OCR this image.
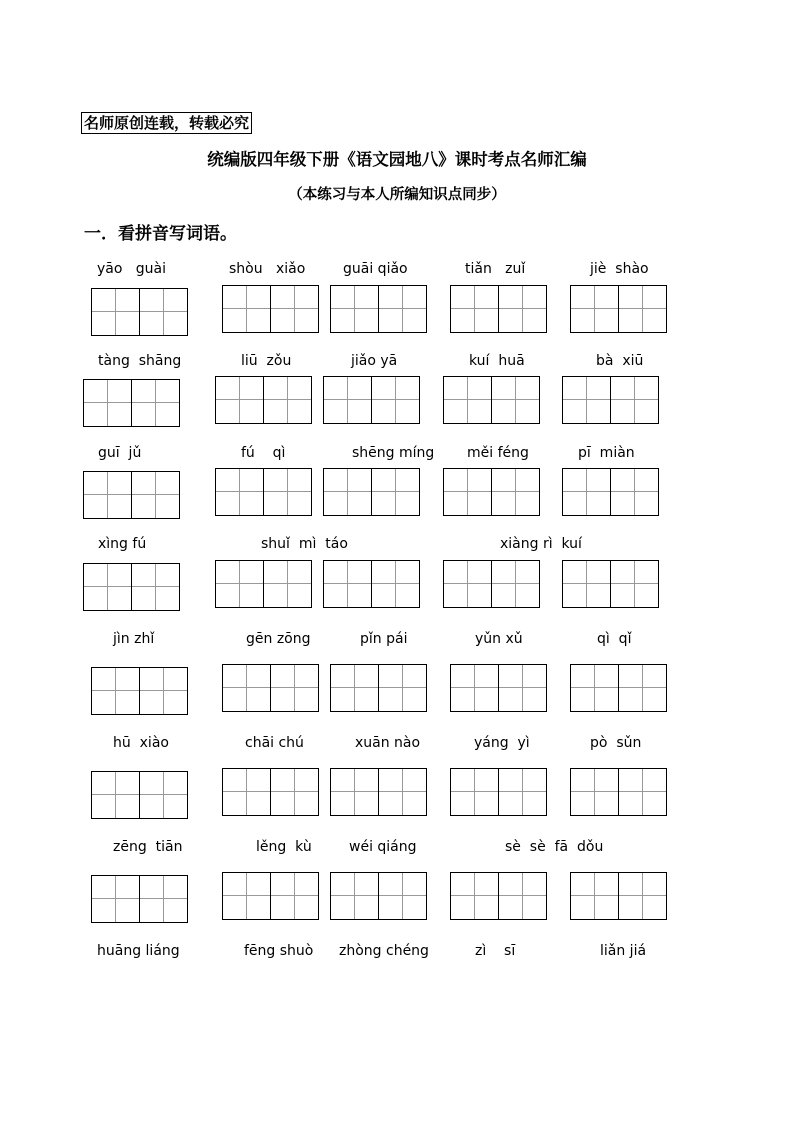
名师原创连载，转载必究
统编版四年级下册《语文园地八》课时考点名师汇编
（本练习与本人所编知识点同步）
一．看拼音写词语。
yāo   guài	shòu   xiǎo	guāi qiǎo	tiǎn   zuǐ	jiè  shào
tàng  shāng	liū  zǒu	jiǎo yā	kuí  huā	bà  xiū
guī  jǔ	fú    qì	shēng míng měi féng	pī  miàn
xìng fú	shuǐ  mì  táo	xiàng rì  kuí
jìn zhǐ	gēn zōng	pǐn pái	yǔn xǔ	qì  qǐ
hū  xiào	chāi chú	xuān nào	yáng  yì	pò  sǔn
zēng  tiān	lěng  kù	wéi qiáng	sè  sè  fā  dǒu
huāng liáng	fēng shuò zhòng chéng	zì    sī	liǎn jiá
